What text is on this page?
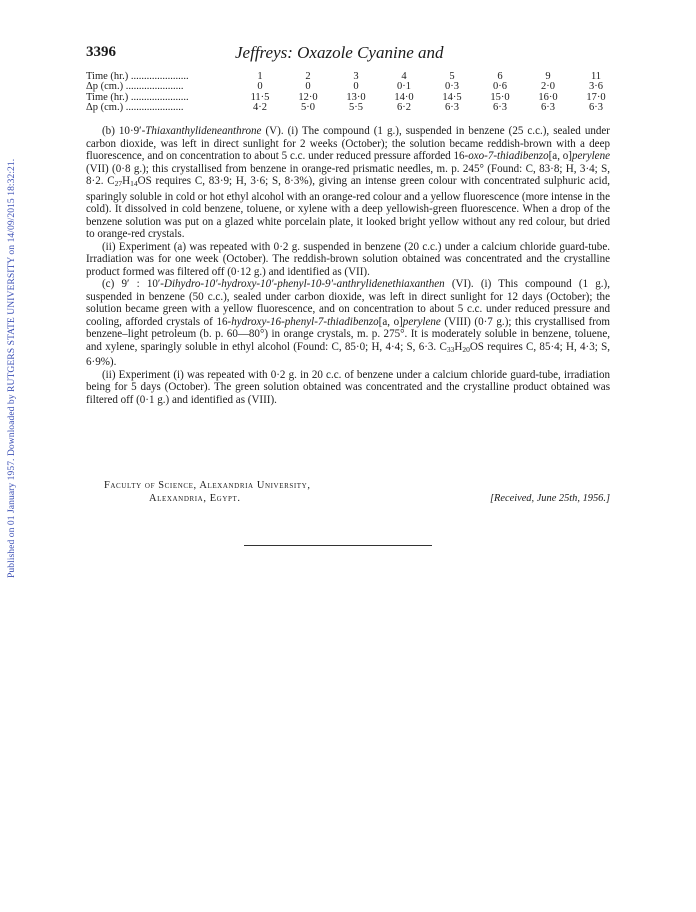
Published on 01 January 1957. Downloaded by RUTGERS STATE UNIVERSITY on 14/09/2015 18:32:21.
3396	Jeffreys: Oxazole Cyanine and
Time (hr.) ......................	1	2	3	4	5	6	9	11
Δp (cm.) ......................	0	0	0	0·1	0·3	0·6	2·0	3·6
Time (hr.) ......................	11·5	12·0	13·0	14·0	14·5	15·0	16·0	17·0
Δp (cm.) ......................	4·2	5·0	5·5	6·2	6·3	6·3	6·3	6·3

(b) 10·9′-Thiaxanthylideneanthrone (V). (i) The compound (1 g.), suspended in benzene (25 c.c.), sealed under carbon dioxide, was left in direct sunlight for 2 weeks (October); the solution became reddish-brown with a deep fluorescence, and on concentration to about 5 c.c. under reduced pressure afforded 16-oxo-7-thiadibenzo[a, o]perylene (VII) (0·8 g.); this crystallised from benzene in orange-red prismatic needles, m. p. 245° (Found: C, 83·8; H, 3·4; S, 8·2. $C_{27}H_{14}OS$ requires C, 83·9; H, 3·6; S, 8·3%), giving an intense green colour with concentrated sulphuric acid, sparingly soluble in cold or hot ethyl alcohol with an orange-red colour and a yellow fluorescence (more intense in the cold). It dissolved in cold benzene, toluene, or xylene with a deep yellowish-green fluorescence. When a drop of the benzene solution was put on a glazed white porcelain plate, it looked bright yellow without any red colour, but dried to orange-red crystals.

(ii) Experiment (a) was repeated with 0·2 g. suspended in benzene (20 c.c.) under a calcium chloride guard-tube. Irradiation was for one week (October). The reddish-brown solution obtained was concentrated and the crystalline product formed was filtered off (0·12 g.) and identified as (VII).

(c) 9′ : 10′-Dihydro-10′-hydroxy-10′-phenyl-10-9′-anthrylidenethiaxanthen (VI). (i) This compound (1 g.), suspended in benzene (50 c.c.), sealed under carbon dioxide, was left in direct sunlight for 12 days (October); the solution became green with a yellow fluorescence, and on concentration to about 5 c.c. under reduced pressure and cooling, afforded crystals of 16-hydroxy-16-phenyl-7-thiadibenzo[a, o]perylene (VIII) (0·7 g.); this crystallised from benzene–light petroleum (b. p. 60—80°) in orange crystals, m. p. 275°. It is moderately soluble in benzene, toluene, and xylene, sparingly soluble in ethyl alcohol (Found: C, 85·0; H, 4·4; S, 6·3. $C_{33}H_{20}OS$ requires C, 85·4; H, 4·3; S, 6·9%).

(ii) Experiment (i) was repeated with 0·2 g. in 20 c.c. of benzene under a calcium chloride guard-tube, irradiation being for 5 days (October). The green solution obtained was concentrated and the crystalline product obtained was filtered off (0·1 g.) and identified as (VIII).

Faculty of Science, Alexandria University,
Alexandria, Egypt.	[Received, June 25th, 1956.]
